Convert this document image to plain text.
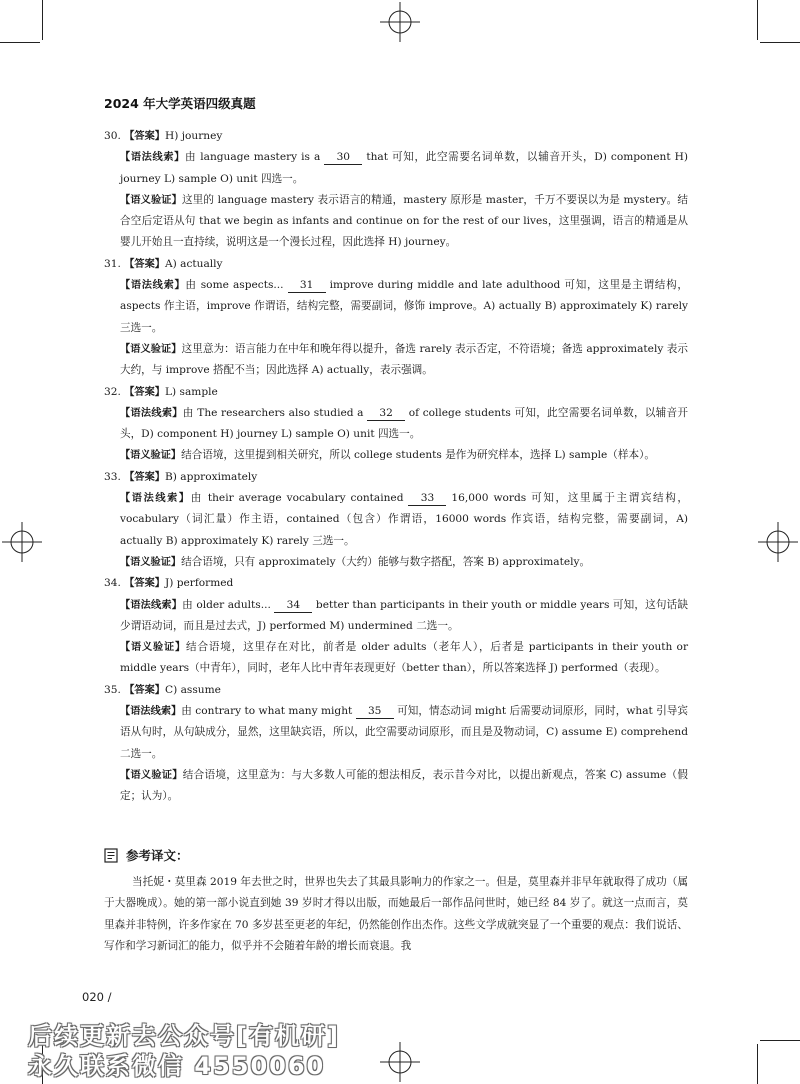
2024 年大学英语四级真题

30. 【答案】H) journey

【语法线索】由 language mastery is a 30 that 可知，此空需要名词单数，以辅音开头，D) component H) journey L) sample O) unit 四选一。

【语义验证】这里的 language mastery 表示语言的精通，mastery 原形是 master，千万不要误以为是 mystery。结合空后定语从句 that we begin as infants and continue on for the rest of our lives，这里强调，语言的精通是从婴儿开始且一直持续，说明这是一个漫长过程，因此选择 H) journey。

31. 【答案】A) actually

【语法线索】由 some aspects... 31 improve during middle and late adulthood 可知，这里是主谓结构，aspects 作主语，improve 作谓语，结构完整，需要副词，修饰 improve。A) actually B) approximately K) rarely 三选一。

【语义验证】这里意为：语言能力在中年和晚年得以提升，备选 rarely 表示否定，不符语境；备选 approximately 表示大约，与 improve 搭配不当；因此选择 A) actually，表示强调。

32. 【答案】L) sample

【语法线索】由 The researchers also studied a 32 of college students 可知，此空需要名词单数，以辅音开头，D) component H) journey L) sample O) unit 四选一。

【语义验证】结合语境，这里提到相关研究，所以 college students 是作为研究样本，选择 L) sample（样本）。

33. 【答案】B) approximately

【语法线索】由 their average vocabulary contained 33 16,000 words 可知，这里属于主谓宾结构，vocabulary（词汇量）作主语，contained（包含）作谓语，16000 words 作宾语，结构完整，需要副词，A) actually B) approximately K) rarely 三选一。

【语义验证】结合语境，只有 approximately（大约）能够与数字搭配，答案 B) approximately。

34. 【答案】J) performed

【语法线索】由 older adults... 34 better than participants in their youth or middle years 可知，这句话缺少谓语动词，而且是过去式，J) performed M) undermined 二选一。

【语义验证】结合语境，这里存在对比，前者是 older adults（老年人），后者是 participants in their youth or middle years（中青年），同时，老年人比中青年表现更好（better than），所以答案选择 J) performed（表现）。

35. 【答案】C) assume

【语法线索】由 contrary to what many might 35 可知，情态动词 might 后需要动词原形，同时，what 引导宾语从句时，从句缺成分，显然，这里缺宾语，所以，此空需要动词原形，而且是及物动词，C) assume E) comprehend 二选一。

【语义验证】结合语境，这里意为：与大多数人可能的想法相反，表示昔今对比，以提出新观点，答案 C) assume（假定；认为）。

参考译文：

当托妮・莫里森 2019 年去世之时，世界也失去了其最具影响力的作家之一。但是，莫里森并非早年就取得了成功（属于大器晚成）。她的第一部小说直到她 39 岁时才得以出版，而她最后一部作品问世时，她已经 84 岁了。就这一点而言，莫里森并非特例，许多作家在 70 多岁甚至更老的年纪，仍然能创作出杰作。这些文学成就突显了一个重要的观点：我们说话、写作和学习新词汇的能力，似乎并不会随着年龄的增长而衰退。我

020 /
后续更新去公众号[有机研]
永久联系微信 4550060
